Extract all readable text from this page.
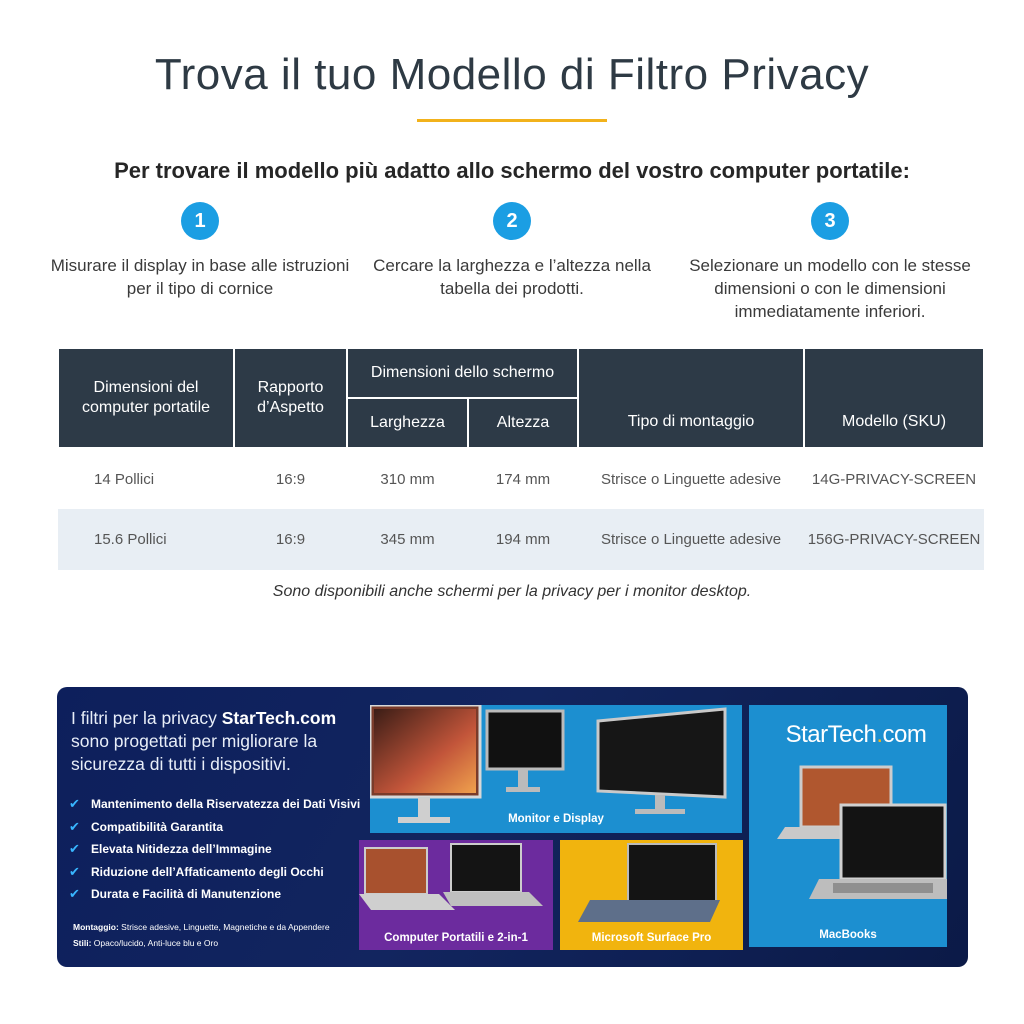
Trova il tuo Modello di Filtro Privacy
Per trovare il modello più adatto allo schermo del vostro computer portatile:
1
Misurare il display in base alle istruzioni per il tipo di cornice
2
Cercare la larghezza e l’altezza nella tabella dei prodotti.
3
Selezionare un modello con le stesse dimensioni o con le dimensioni immediatamente inferiori.
Dimensioni del computer portatile	Rapporto d’Aspetto	Dimensioni dello schermo		Tipo di montaggio	Modello (SKU)
		Larghezza	Altezza		
14 Pollici	16:9	310 mm	174 mm	Strisce o Linguette adesive	14G-PRIVACY-SCREEN
15.6 Pollici	16:9	345 mm	194 mm	Strisce o Linguette adesive	156G-PRIVACY-SCREEN
Sono disponibili anche schermi per la privacy per i monitor desktop.
I filtri per la privacy StarTech.com sono progettati per migliorare la sicurezza di tutti i dispositivi.
✔ Mantenimento della Riservatezza dei Dati Visivi
✔ Compatibilità Garantita
✔ Elevata Nitidezza dell’Immagine
✔ Riduzione dell’Affaticamento degli Occhi
✔ Durata e Facilità di Manutenzione
Montaggio: Strisce adesive, Linguette, Magnetiche e da Appendere
Stili: Opaco/lucido, Anti-luce blu e Oro
Monitor e Display
MacBooks
StarTech.com
Computer Portatili e 2-in-1	Microsoft Surface Pro
